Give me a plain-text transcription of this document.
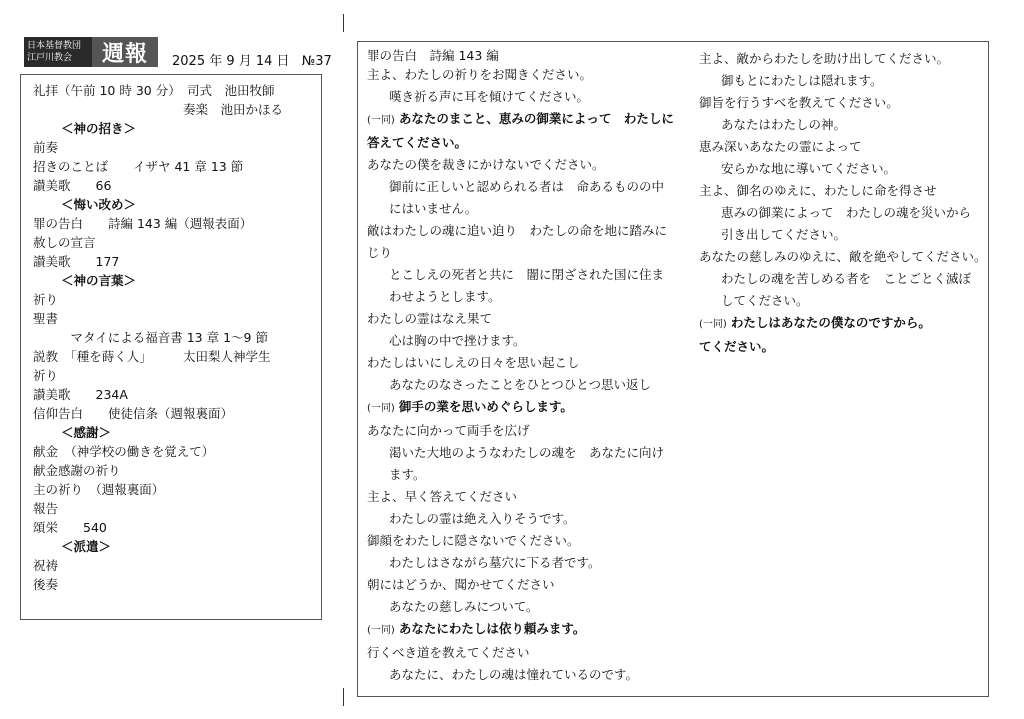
日本基督教団
江戸川教会	週報	2025 年 9 月 14 日 №37
礼拝（午前 10 時 30 分）　司式　池田牧師
奏楽　池田かほる
＜神の招き＞
前奏
招きのことば　　イザヤ 41 章 13 節
讃美歌　　66
＜悔い改め＞
罪の告白　　詩編 143 編（週報表面）
赦しの宣言
讃美歌　　177
＜神の言葉＞
祈り
聖書
　　　マタイによる福音書 13 章 1～9 節
説教　「種を蒔く人」　　　太田梨人神学生
祈り
讃美歌　　234A
信仰告白　　使徒信条（週報裏面）
＜感謝＞
献金　（神学校の働きを覚えて）
献金感謝の祈り
主の祈り　（週報裏面）
報告
頌栄　　540
＜派遣＞
祝祷
後奏
罪の告白　詩編 143 編
主よ、わたしの祈りをお聞きください。
嘆き祈る声に耳を傾けてください。
(一同) あなたのまこと、恵みの御業によって　わたしに
答えてください。
あなたの僕を裁きにかけないでください。
御前に正しいと認められる者は　命あるものの中
にはいません。
敵はわたしの魂に追い迫り　わたしの命を地に踏みに
じり
とこしえの死者と共に　闇に閉ざされた国に住ま
わせようとします。
わたしの霊はなえ果て
心は胸の中で挫けます。
わたしはいにしえの日々を思い起こし
あなたのなさったことをひとつひとつ思い返し
(一同) 御手の業を思いめぐらします。
あなたに向かって両手を広げ
渇いた大地のようなわたしの魂を　あなたに向け
ます。
主よ、早く答えてください
わたしの霊は絶え入りそうです。
御顔をわたしに隠さないでください。
わたしはさながら墓穴に下る者です。
朝にはどうか、聞かせてください
あなたの慈しみについて。
(一同) あなたにわたしは依り頼みます。
行くべき道を教えてください
あなたに、わたしの魂は憧れているのです。
主よ、敵からわたしを助け出してください。
御もとにわたしは隠れます。
御旨を行うすべを教えてください。
あなたはわたしの神。
恵み深いあなたの霊によって
安らかな地に導いてください。
主よ、御名のゆえに、わたしに命を得させ
恵みの御業によって　わたしの魂を災いから
引き出してください。
あなたの慈しみのゆえに、敵を絶やしてください。
わたしの魂を苦しめる者を　ことごとく滅ぼ
してください。
(一同) わたしはあなたの僕なのですから。
てください。
